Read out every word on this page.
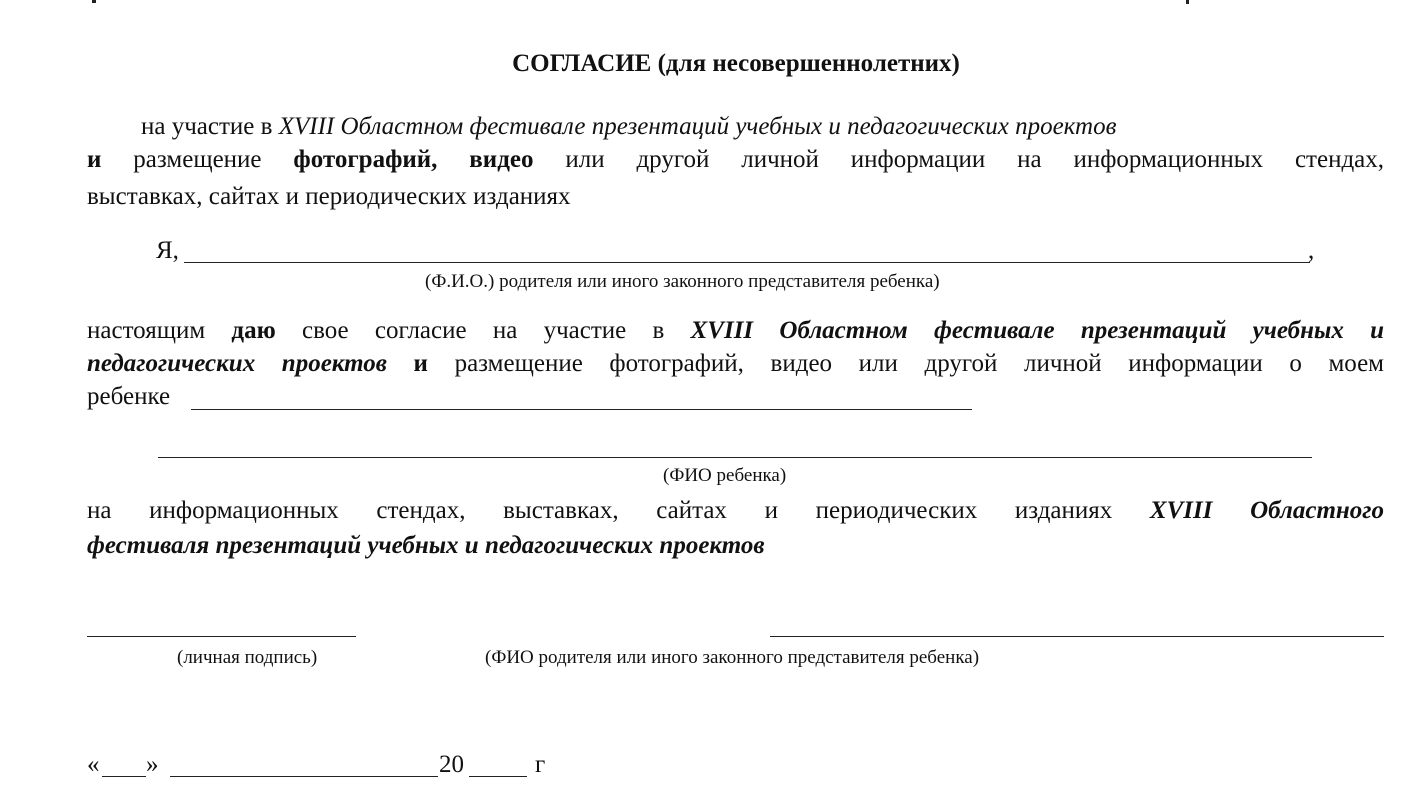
СОГЛАСИЕ (для несовершеннолетних)
на участие в XVIII Областном фестивале презентаций учебных и педагогических проектов
и размещение фотографий, видео или другой личной информации на информационных стендах,
выставках, сайтах и периодических изданиях
Я,	,
(Ф.И.О.) родителя или иного законного представителя ребенка)
настоящим даю свое согласие на участие в XVIII Областном фестивале презентаций учебных и
педагогических проектов и размещение фотографий, видео или другой личной информации о моем
ребенке
(ФИО ребенка)
на информационных стендах, выставках, сайтах и периодических изданиях XVIII Областного
фестиваля презентаций учебных и педагогических проектов
(личная подпись)	(ФИО родителя или иного законного представителя ребенка)
« »	20	г
